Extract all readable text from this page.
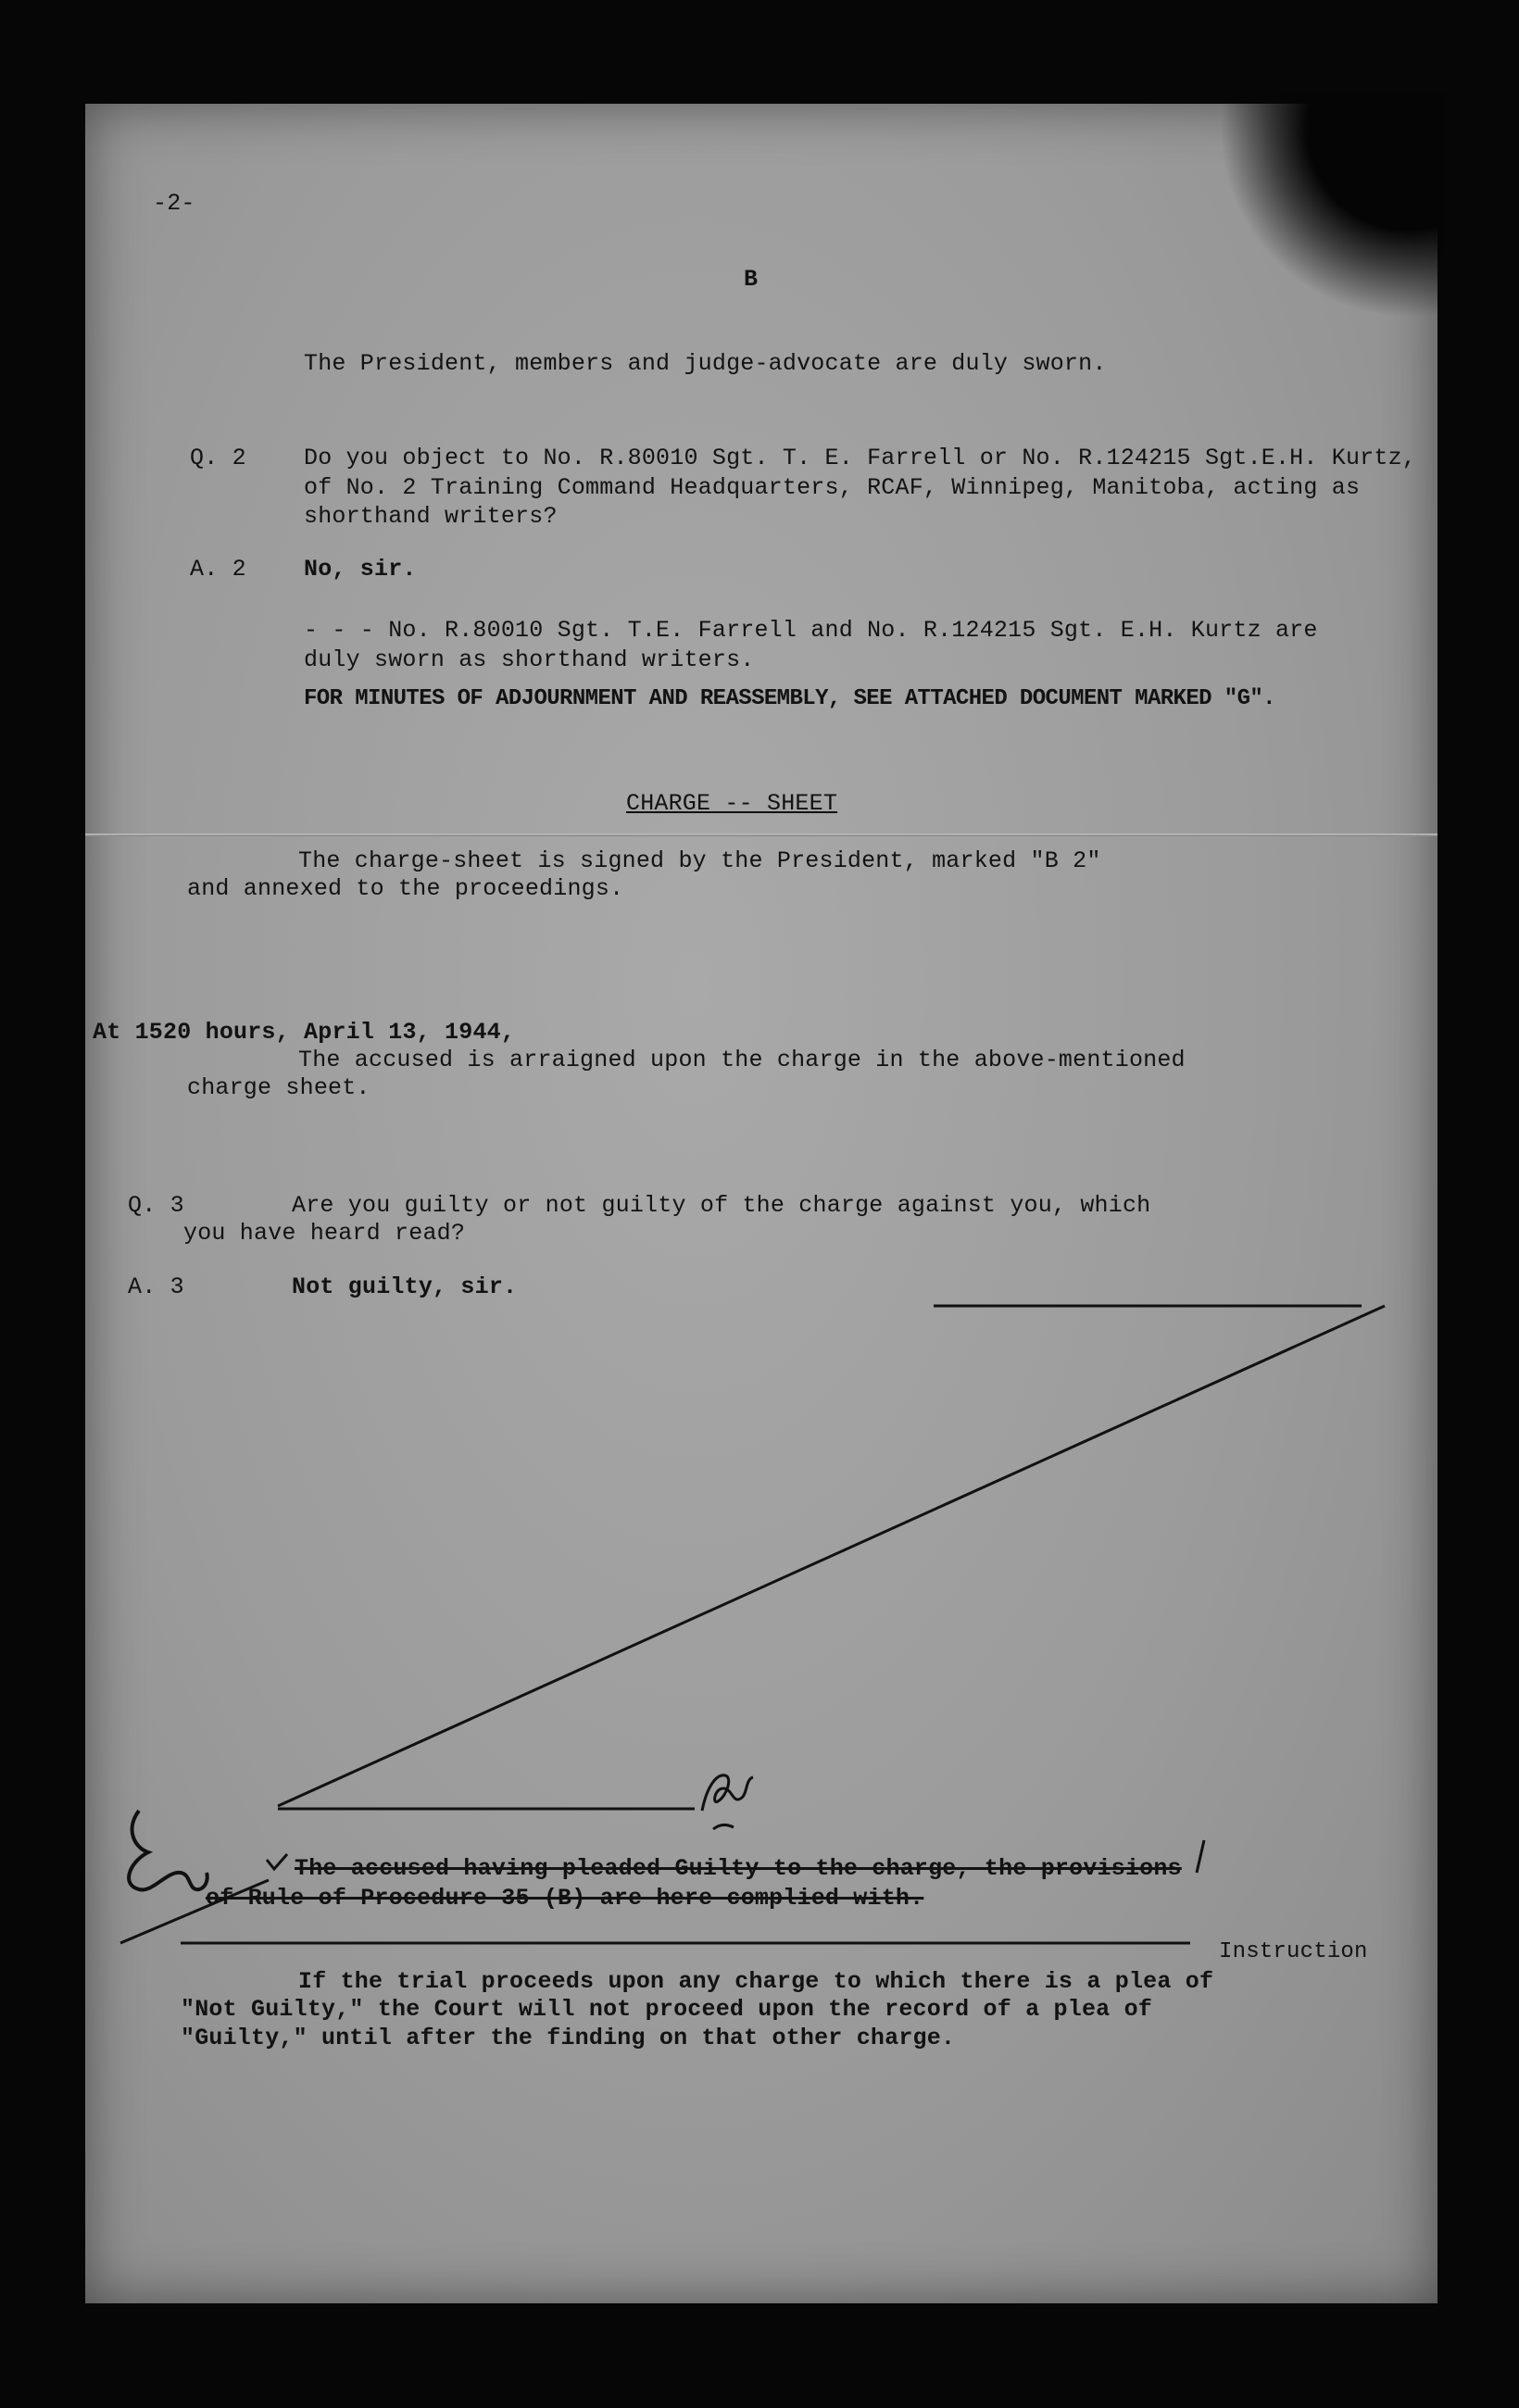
-2-
B
The President, members and judge-advocate are duly sworn.
Q. 2 Do you object to No. R.80010 Sgt. T. E. Farrell or No. R.124215 Sgt.E.H. Kurtz,
of No. 2 Training Command Headquarters, RCAF, Winnipeg, Manitoba, acting as
shorthand writers?
A. 2 No, sir.
- - - No. R.80010 Sgt. T.E. Farrell and No. R.124215 Sgt. E.H. Kurtz are
duly sworn as shorthand writers.
FOR MINUTES OF ADJOURNMENT AND REASSEMBLY, SEE ATTACHED DOCUMENT MARKED "G".
CHARGE -- SHEET
The charge-sheet is signed by the President, marked "B 2"
and annexed to the proceedings.
At 1520 hours, April 13, 1944,
The accused is arraigned upon the charge in the above-mentioned
charge sheet.
Q. 3	Are you guilty or not guilty of the charge against you, which
you have heard read?
A. 3	Not guilty, sir.
The accused having pleaded Guilty to the charge, the provisions
of Rule of Procedure 35 (B) are here complied with.
Instruction
If the trial proceeds upon any charge to which there is a plea of
"Not Guilty," the Court will not proceed upon the record of a plea of
"Guilty," until after the finding on that other charge.
